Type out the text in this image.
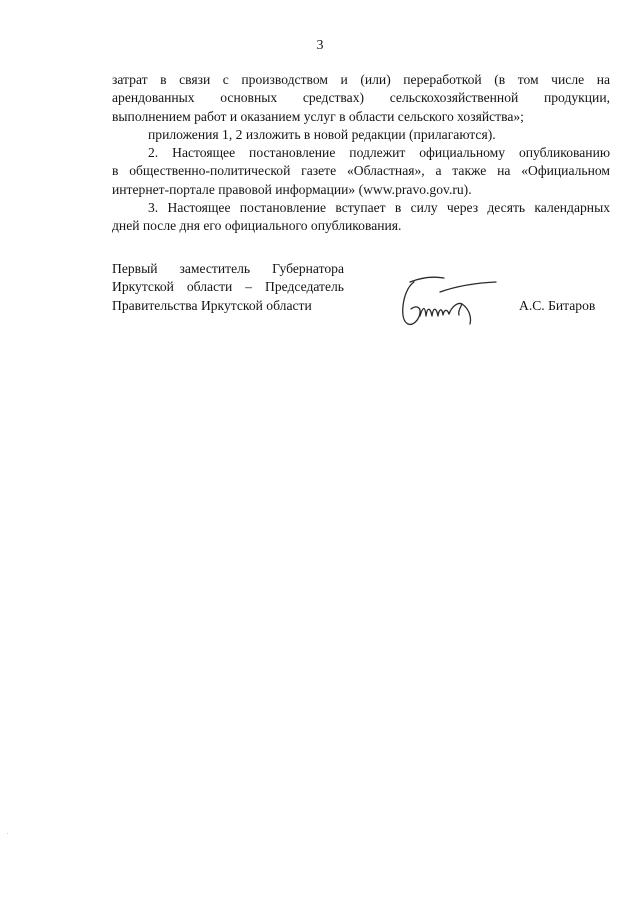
3

затрат в связи с производством и (или) переработкой (в том числе на

арендованных основных средствах) сельскохозяйственной продукции,

выполнением работ и оказанием услуг в области сельского хозяйства»;

приложения 1, 2 изложить в новой редакции (прилагаются).

2. Настоящее постановление подлежит официальному опубликованию

в общественно-политической газете «Областная», а также на «Официальном

интернет-портале правовой информации» (www.pravo.gov.ru).

3. Настоящее постановление вступает в силу через десять календарных

дней после дня его официального опубликования.

Первый заместитель Губернатора
Иркутской области – Председатель
Правительства Иркутской области	А.С. Битаров
